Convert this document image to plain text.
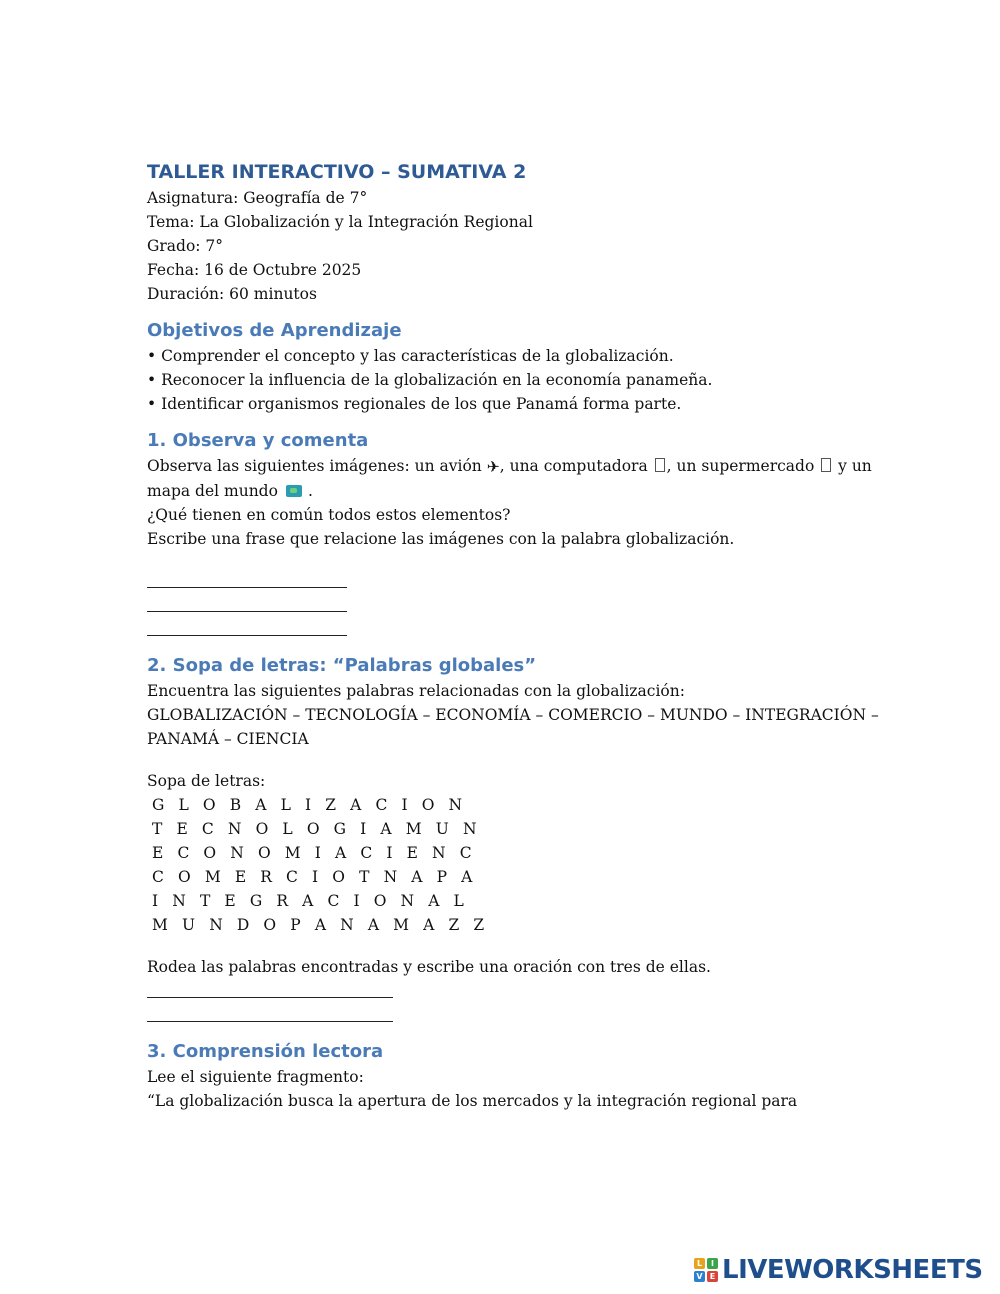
TALLER INTERACTIVO – SUMATIVA 2
Asignatura: Geografía de 7°
Tema: La Globalización y la Integración Regional
Grado: 7°
Fecha: 16 de Octubre 2025
Duración: 60 minutos
Objetivos de Aprendizaje
• Comprender el concepto y las características de la globalización.
• Reconocer la influencia de la globalización en la economía panameña.
• Identificar organismos regionales de los que Panamá forma parte.
1. Observa y comenta
Observa las siguientes imágenes: un avión ✈, una computadora , un supermercado  y un
mapa del mundo .
¿Qué tienen en común todos estos elementos?
Escribe una frase que relacione las imágenes con la palabra globalización.
2. Sopa de letras: “Palabras globales”
Encuentra las siguientes palabras relacionadas con la globalización:
GLOBALIZACIÓN – TECNOLOGÍA – ECONOMÍA – COMERCIO – MUNDO – INTEGRACIÓN –
PANAMÁ – CIENCIA
Sopa de letras:
G L O B A L I Z A C I O N
T E C N O L O G I A M U N
E C O N O M I A C I E N C
C O M E R C I O T N A P A
I N T E G R A C I O N A L
M U N D O P A N A M A Z Z
Rodea las palabras encontradas y escribe una oración con tres de ellas.
3. Comprensión lectora
Lee el siguiente fragmento:
“La globalización busca la apertura de los mercados y la integración regional para
L	I
V E LIVEWORKSHEETS
